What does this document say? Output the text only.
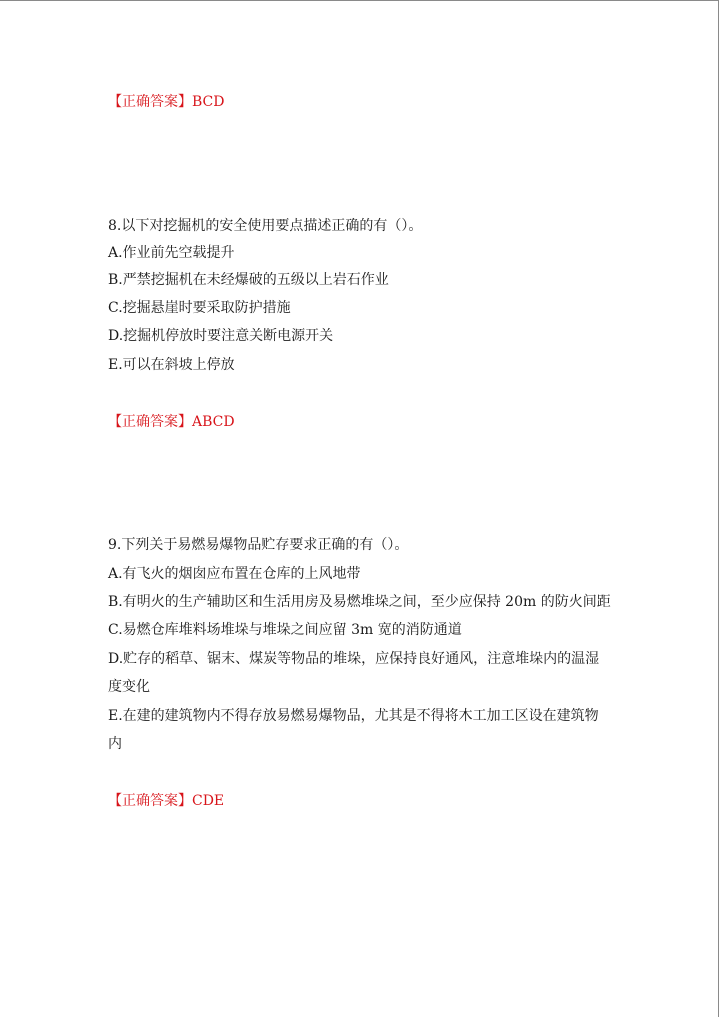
【正确答案】BCD
8.以下对挖掘机的安全使用要点描述正确的有（）。
A.作业前先空载提升
B.严禁挖掘机在未经爆破的五级以上岩石作业
C.挖掘悬崖时要采取防护措施
D.挖掘机停放时要注意关断电源开关
E.可以在斜坡上停放
【正确答案】ABCD
9.下列关于易燃易爆物品贮存要求正确的有（）。
A.有飞火的烟囱应布置在仓库的上风地带
B.有明火的生产辅助区和生活用房及易燃堆垛之间，至少应保持 20m 的防火间距
C.易燃仓库堆料场堆垛与堆垛之间应留 3m 宽的消防通道
D.贮存的稻草、锯末、煤炭等物品的堆垛，应保持良好通风，注意堆垛内的温湿
度变化
E.在建的建筑物内不得存放易燃易爆物品，尤其是不得将木工加工区设在建筑物
内
【正确答案】CDE
